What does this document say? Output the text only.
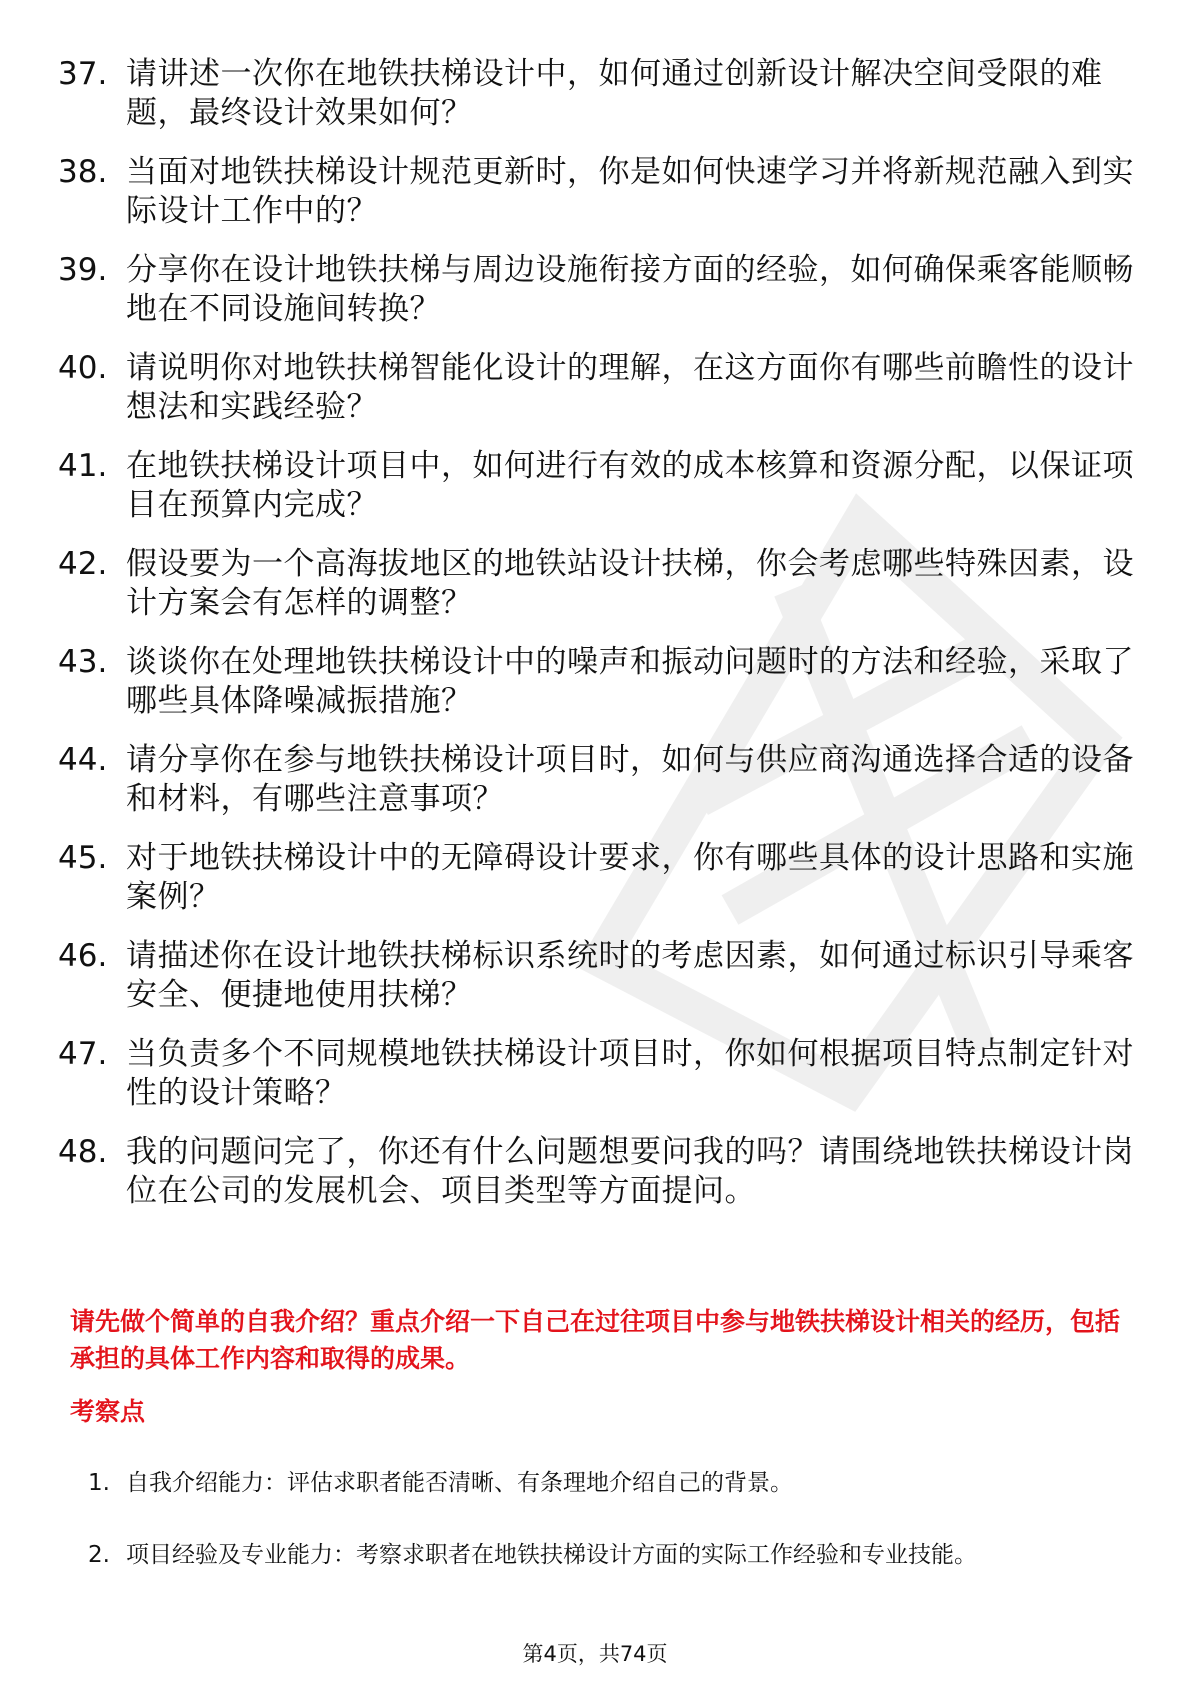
37. 请讲述一次你在地铁扶梯设计中，如何通过创新设计解决空间受限的难题，最终设计效果如何？
38. 当面对地铁扶梯设计规范更新时，你是如何快速学习并将新规范融入到实际设计工作中的？
39. 分享你在设计地铁扶梯与周边设施衔接方面的经验，如何确保乘客能顺畅地在不同设施间转换？
40. 请说明你对地铁扶梯智能化设计的理解，在这方面你有哪些前瞻性的设计想法和实践经验？
41. 在地铁扶梯设计项目中，如何进行有效的成本核算和资源分配，以保证项目在预算内完成？
42. 假设要为一个高海拔地区的地铁站设计扶梯，你会考虑哪些特殊因素，设计方案会有怎样的调整？
43. 谈谈你在处理地铁扶梯设计中的噪声和振动问题时的方法和经验，采取了哪些具体降噪减振措施？
44. 请分享你在参与地铁扶梯设计项目时，如何与供应商沟通选择合适的设备和材料，有哪些注意事项？
45. 对于地铁扶梯设计中的无障碍设计要求，你有哪些具体的设计思路和实施案例？
46. 请描述你在设计地铁扶梯标识系统时的考虑因素，如何通过标识引导乘客安全、便捷地使用扶梯？
47. 当负责多个不同规模地铁扶梯设计项目时，你如何根据项目特点制定针对性的设计策略？
48. 我的问题问完了，你还有什么问题想要问我的吗？请围绕地铁扶梯设计岗位在公司的发展机会、项目类型等方面提问。
请先做个简单的自我介绍？重点介绍一下自己在过往项目中参与地铁扶梯设计相关的经历，包括承担的具体工作内容和取得的成果。
考察点
1. 自我介绍能力：评估求职者能否清晰、有条理地介绍自己的背景。
2. 项目经验及专业能力：考察求职者在地铁扶梯设计方面的实际工作经验和专业技能。
第4页，共74页
